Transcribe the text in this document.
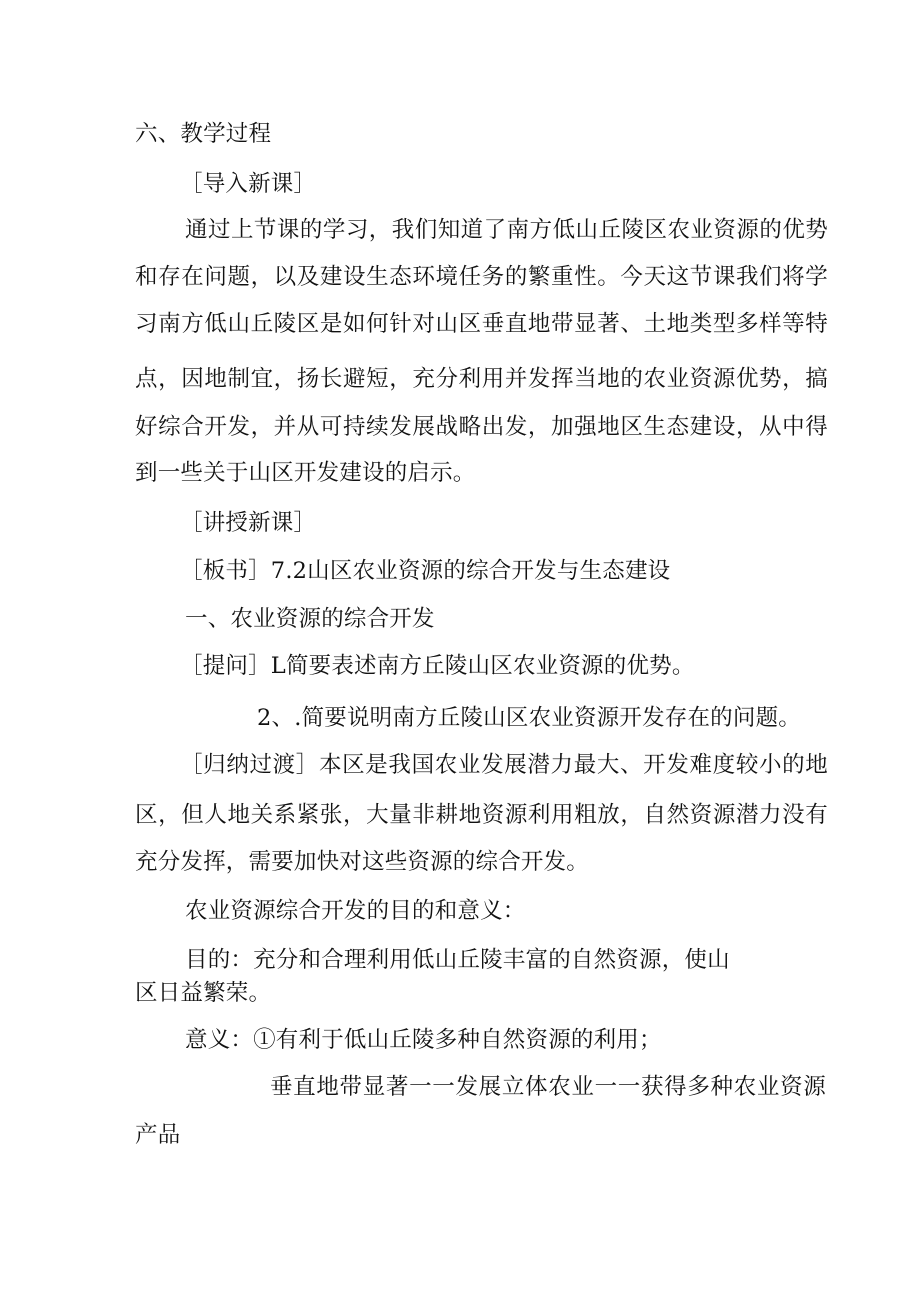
六、教学过程
［导入新课］
通过上节课的学习，我们知道了南方低山丘陵区农业资源的优势
和存在问题，以及建设生态环境任务的繁重性。今天这节课我们将学
习南方低山丘陵区是如何针对山区垂直地带显著、土地类型多样等特
点，因地制宜，扬长避短，充分利用并发挥当地的农业资源优势，搞
好综合开发，并从可持续发展战略出发，加强地区生态建设，从中得
到一些关于山区开发建设的启示。
［讲授新课］
［板书］7.2山区农业资源的综合开发与生态建设
一、农业资源的综合开发
［提问］L简要表述南方丘陵山区农业资源的优势。
2、.简要说明南方丘陵山区农业资源开发存在的问题。
［归纳过渡］本区是我国农业发展潜力最大、开发难度较小的地
区，但人地关系紧张，大量非耕地资源利用粗放，自然资源潜力没有
充分发挥，需要加快对这些资源的综合开发。
农业资源综合开发的目的和意义：
目的：充分和合理利用低山丘陵丰富的自然资源，使山
区日益繁荣。
意义：①有利于低山丘陵多种自然资源的利用；
垂直地带显著一一发展立体农业一一获得多种农业资源
产品
